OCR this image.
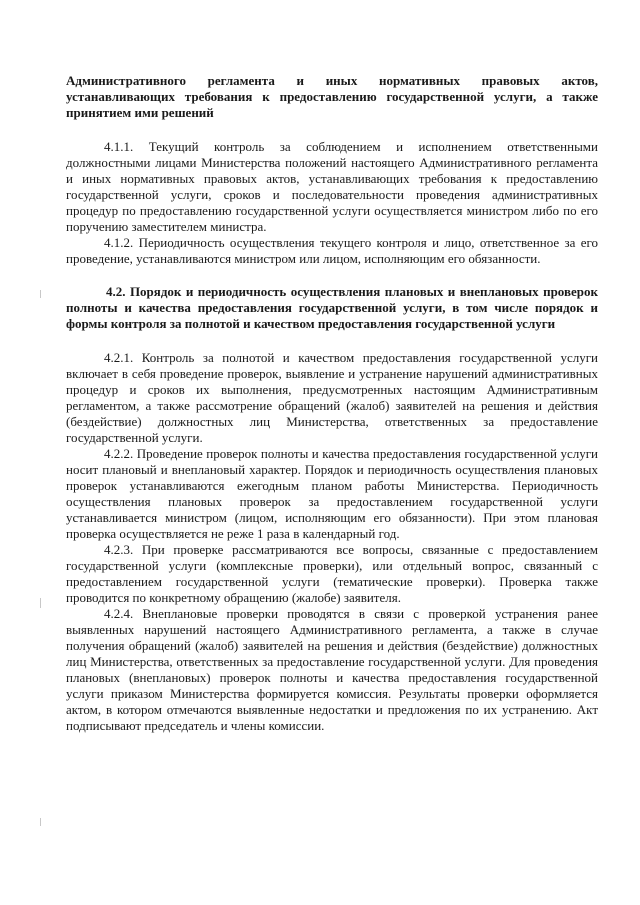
Административного регламента и иных нормативных правовых актов, устанавливающих требования к предоставлению государственной услуги, а также принятием ими решений

4.1.1. Текущий контроль за соблюдением и исполнением ответственными должностными лицами Министерства положений настоящего Административного регламента и иных нормативных правовых актов, устанавливающих требования к предоставлению государственной услуги, сроков и последовательности проведения административных процедур по предоставлению государственной услуги осуществляется министром либо по его поручению заместителем министра.

4.1.2. Периодичность осуществления текущего контроля и лицо, ответственное за его проведение, устанавливаются министром или лицом, исполняющим его обязанности.

4.2. Порядок и периодичность осуществления плановых и внеплановых проверок полноты и качества предоставления государственной услуги, в том числе порядок и формы контроля за полнотой и качеством предоставления государственной услуги

4.2.1. Контроль за полнотой и качеством предоставления государственной услуги включает в себя проведение проверок, выявление и устранение нарушений административных процедур и сроков их выполнения, предусмотренных настоящим Административным регламентом, а также рассмотрение обращений (жалоб) заявителей на решения и действия (бездействие) должностных лиц Министерства, ответственных за предоставление государственной услуги.

4.2.2. Проведение проверок полноты и качества предоставления государственной услуги носит плановый и внеплановый характер. Порядок и периодичность осуществления плановых проверок устанавливаются ежегодным планом работы Министерства. Периодичность осуществления плановых проверок за предоставлением государственной услуги устанавливается министром (лицом, исполняющим его обязанности). При этом плановая проверка осуществляется не реже 1 раза в календарный год.

4.2.3. При проверке рассматриваются все вопросы, связанные с предоставлением государственной услуги (комплексные проверки), или отдельный вопрос, связанный с предоставлением государственной услуги (тематические проверки). Проверка также проводится по конкретному обращению (жалобе) заявителя.

4.2.4. Внеплановые проверки проводятся в связи с проверкой устранения ранее выявленных нарушений настоящего Административного регламента, а также в случае получения обращений (жалоб) заявителей на решения и действия (бездействие) должностных лиц Министерства, ответственных за предоставление государственной услуги. Для проведения плановых (внеплановых) проверок полноты и качества предоставления государственной услуги приказом Министерства формируется комиссия. Результаты проверки оформляется актом, в котором отмечаются выявленные недостатки и предложения по их устранению. Акт подписывают председатель и члены комиссии.
